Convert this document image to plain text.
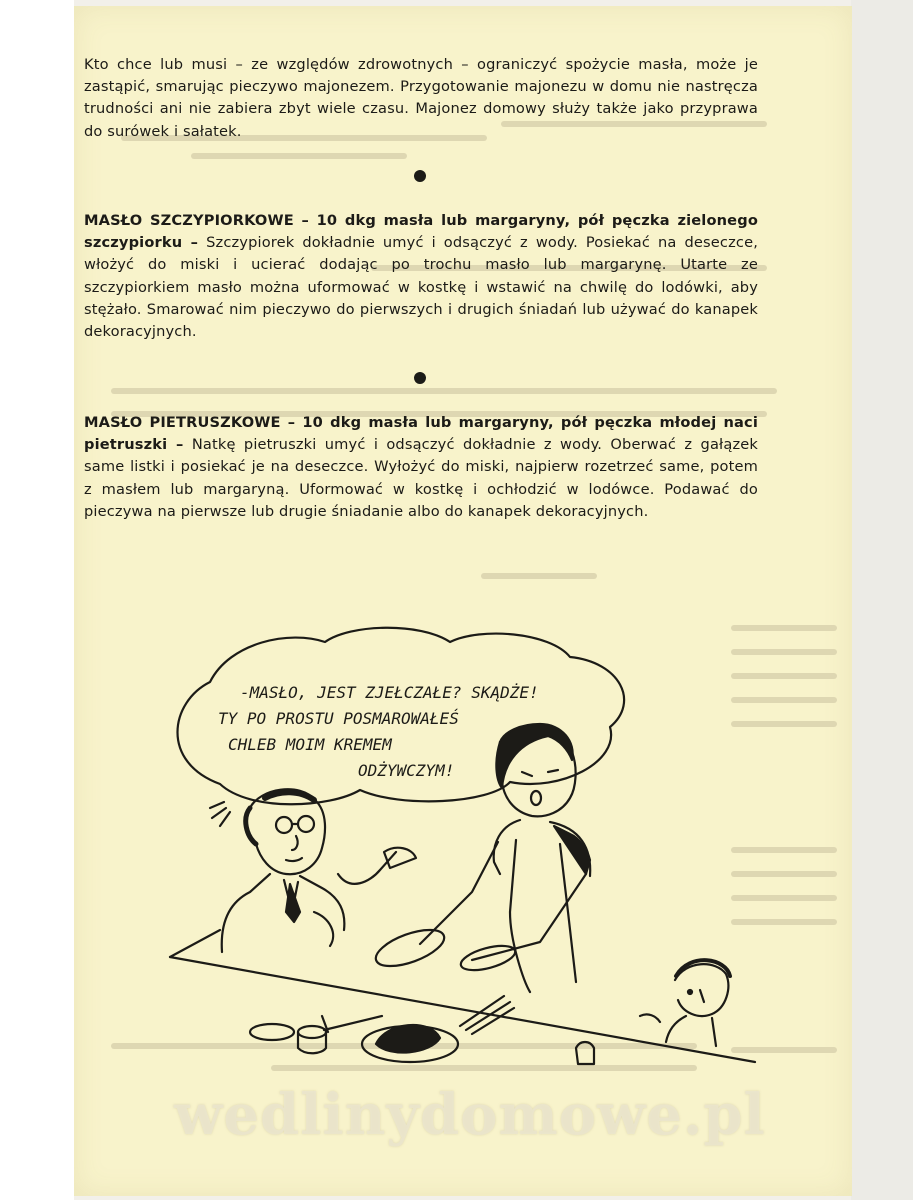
Kto chce lub musi – ze względów zdrowotnych – ograniczyć spożycie masła, może je zastąpić, smarując pieczywo majonezem. Przygotowanie majonezu w domu nie nastręcza trudności ani nie zabiera zbyt wiele czasu. Majonez domowy służy także jako przyprawa do surówek i sałatek.

MASŁO SZCZYPIORKOWE – 10 dkg masła lub margaryny, pół pęczka zielonego szczypiorku – Szczypiorek dokładnie umyć i odsączyć z wody. Posiekać na deseczce, włożyć do miski i ucierać dodając po trochu masło lub margarynę. Utarte ze szczypiorkiem masło można uformować w kostkę i wstawić na chwilę do lodówki, aby stężało. Smarować nim pieczywo do pierwszych i drugich śniadań lub używać do kanapek dekoracyjnych.

MASŁO PIETRUSZKOWE – 10 dkg masła lub margaryny, pół pęczka młodej naci pietruszki – Natkę pietruszki umyć i odsączyć dokładnie z wody. Oberwać z gałązek same listki i posiekać je na deseczce. Wyłożyć do miski, najpierw rozetrzeć same, potem z masłem lub margaryną. Uformować w kostkę i ochłodzić w lodówce. Podawać do pieczywa na pierwsze lub drugie śniadanie albo do kanapek dekoracyjnych.

-MASŁO, JEST ZJEŁCZAŁE? SKĄDŻE!
TY PO PROSTU POSMAROWAŁEŚ
CHLEB MOIM KREMEM
ODŻYWCZYM!
wedlinydomowe.pl
